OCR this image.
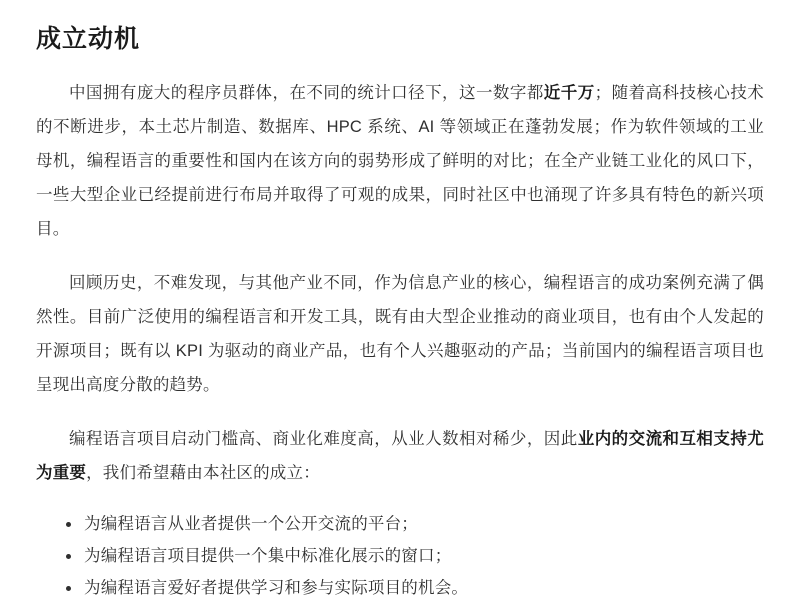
成立动机

中国拥有庞大的程序员群体，在不同的统计口径下，这一数字都近千万；随着高科技核心技术的不断进步，本土芯片制造、数据库、HPC 系统、AI 等领域正在蓬勃发展；作为软件领域的工业母机，编程语言的重要性和国内在该方向的弱势形成了鲜明的对比；在全产业链工业化的风口下，一些大型企业已经提前进行布局并取得了可观的成果，同时社区中也涌现了许多具有特色的新兴项目。

回顾历史，不难发现，与其他产业不同，作为信息产业的核心，编程语言的成功案例充满了偶然性。目前广泛使用的编程语言和开发工具，既有由大型企业推动的商业项目，也有由个人发起的开源项目；既有以 KPI 为驱动的商业产品，也有个人兴趣驱动的产品；当前国内的编程语言项目也呈现出高度分散的趋势。

编程语言项目启动门槛高、商业化难度高，从业人数相对稀少，因此业内的交流和互相支持尤为重要，我们希望藉由本社区的成立：

为编程语言从业者提供一个公开交流的平台；
为编程语言项目提供一个集中标准化展示的窗口；
为编程语言爱好者提供学习和参与实际项目的机会。
